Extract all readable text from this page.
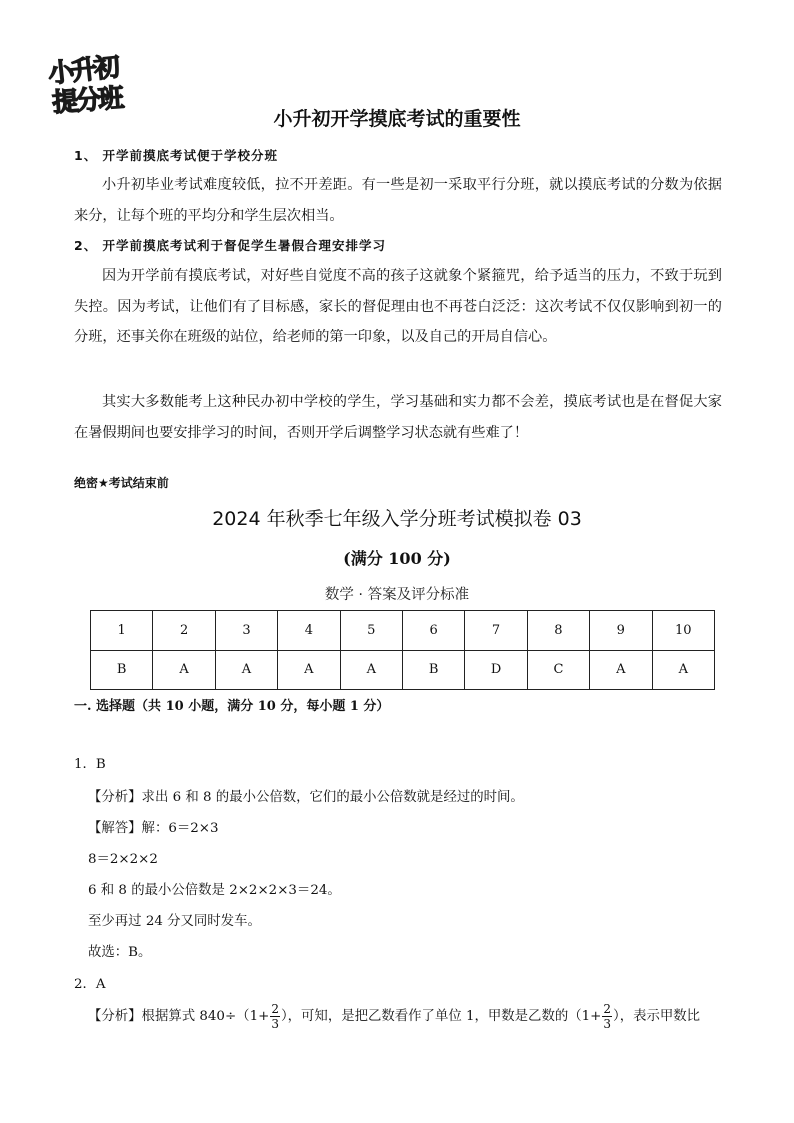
小升初
提分班
小升初开学摸底考试的重要性
1、 开学前摸底考试便于学校分班
小升初毕业考试难度较低，拉不开差距。有一些是初一采取平行分班，就以摸底考试的分数为依据来分，让每个班的平均分和学生层次相当。
2、 开学前摸底考试利于督促学生暑假合理安排学习
因为开学前有摸底考试，对好些自觉度不高的孩子这就象个紧箍咒，给予适当的压力，不致于玩到失控。因为考试，让他们有了目标感，家长的督促理由也不再苍白泛泛：这次考试不仅仅影响到初一的分班，还事关你在班级的站位，给老师的第一印象，以及自己的开局自信心。
其实大多数能考上这种民办初中学校的学生，学习基础和实力都不会差，摸底考试也是在督促大家在暑假期间也要安排学习的时间，否则开学后调整学习状态就有些难了！
绝密★考试结束前
2024 年秋季七年级入学分班考试模拟卷 03
(满分 100 分)
数学 · 答案及评分标准
1	2	3	4	5	6	7	8	9	10
B	A	A	A	A	B	D	C	A	A
一. 选择题（共 10 小题，满分 10 分，每小题 1 分）
1．B
【分析】求出 6 和 8 的最小公倍数，它们的最小公倍数就是经过的时间。
【解答】解：6＝2×3
8＝2×2×2
6 和 8 的最小公倍数是 2×2×2×3＝24。
至少再过 24 分又同时发车。
故选：B。
2．A
【分析】根据算式 $840\div(1+ \frac{2}{3}$ ），可知，是把乙数看作了单位 1，甲数是乙数的（$1+ \frac{2}{3}$ ），表示甲数比
